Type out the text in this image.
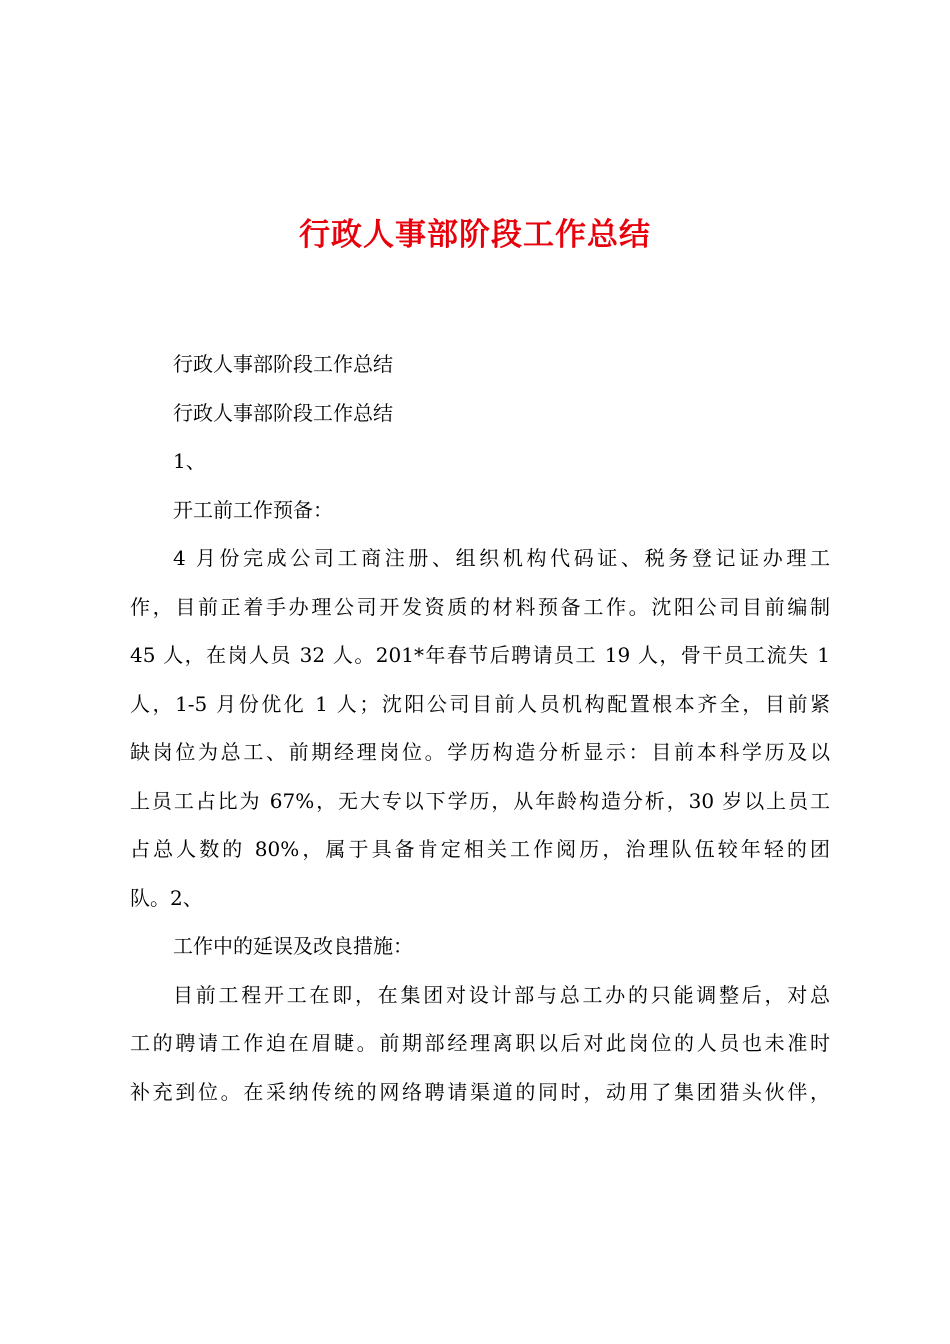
行政人事部阶段工作总结

行政人事部阶段工作总结

行政人事部阶段工作总结

1、

开工前工作预备：

4 月份完成公司工商注册、组织机构代码证、税务登记证办理工

作，目前正着手办理公司开发资质的材料预备工作。沈阳公司目前编制

45 人，在岗人员 32 人。201*年春节后聘请员工 19 人，骨干员工流失 1

人，1-5 月份优化 1 人；沈阳公司目前人员机构配置根本齐全，目前紧

缺岗位为总工、前期经理岗位。学历构造分析显示：目前本科学历及以

上员工占比为 67%，无大专以下学历，从年龄构造分析，30 岁以上员工

占总人数的 80%，属于具备肯定相关工作阅历，治理队伍较年轻的团

队。2、

工作中的延误及改良措施：

目前工程开工在即，在集团对设计部与总工办的只能调整后，对总

工的聘请工作迫在眉睫。前期部经理离职以后对此岗位的人员也未准时

补充到位。在采纳传统的网络聘请渠道的同时，动用了集团猎头伙伴，
